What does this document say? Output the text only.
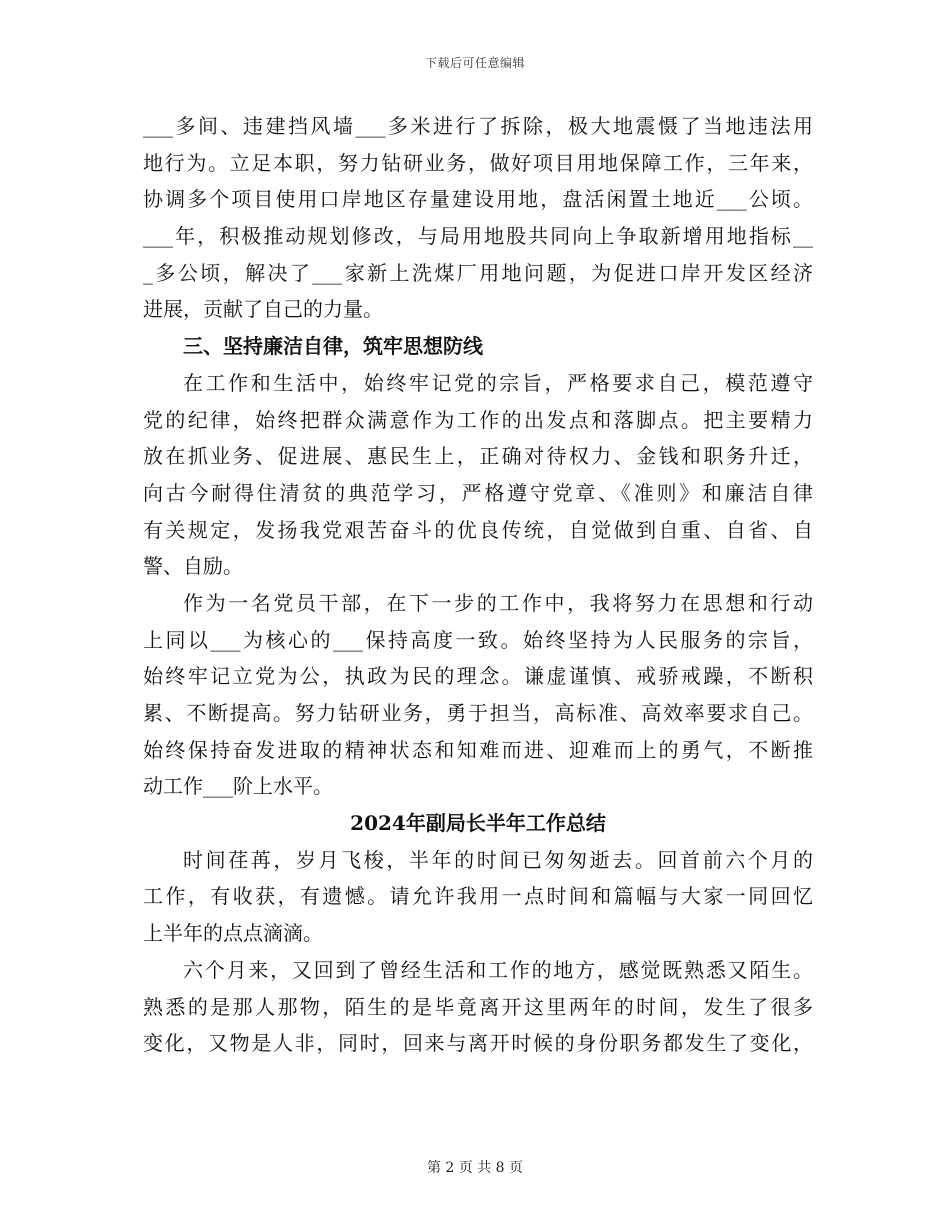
下载后可任意编辑
___多间、违建挡风墙___多米进行了拆除，极大地震慑了当地违法用
地行为。立足本职，努力钻研业务，做好项目用地保障工作，三年来，
协调多个项目使用口岸地区存量建设用地，盘活闲置土地近___公顷。
___年，积极推动规划修改，与局用地股共同向上争取新增用地指标__
_多公顷，解决了___家新上洗煤厂用地问题，为促进口岸开发区经济
进展，贡献了自己的力量。
三、坚持廉洁自律，筑牢思想防线
在工作和生活中，始终牢记党的宗旨，严格要求自己，模范遵守
党的纪律，始终把群众满意作为工作的出发点和落脚点。把主要精力
放在抓业务、促进展、惠民生上，正确对待权力、金钱和职务升迁，
向古今耐得住清贫的典范学习，严格遵守党章、《准则》和廉洁自律
有关规定，发扬我党艰苦奋斗的优良传统，自觉做到自重、自省、自
警、自励。
作为一名党员干部，在下一步的工作中，我将努力在思想和行动
上同以___为核心的___保持高度一致。始终坚持为人民服务的宗旨，
始终牢记立党为公，执政为民的理念。谦虚谨慎、戒骄戒躁，不断积
累、不断提高。努力钻研业务，勇于担当，高标准、高效率要求自己。
始终保持奋发进取的精神状态和知难而进、迎难而上的勇气，不断推
动工作___阶上水平。
2024年副局长半年工作总结
时间荏苒，岁月飞梭，半年的时间已匆匆逝去。回首前六个月的
工作，有收获，有遗憾。请允许我用一点时间和篇幅与大家一同回忆
上半年的点点滴滴。
六个月来，又回到了曾经生活和工作的地方，感觉既熟悉又陌生。
熟悉的是那人那物，陌生的是毕竟离开这里两年的时间，发生了很多
变化，又物是人非，同时，回来与离开时候的身份职务都发生了变化，
第 2 页 共 8 页
